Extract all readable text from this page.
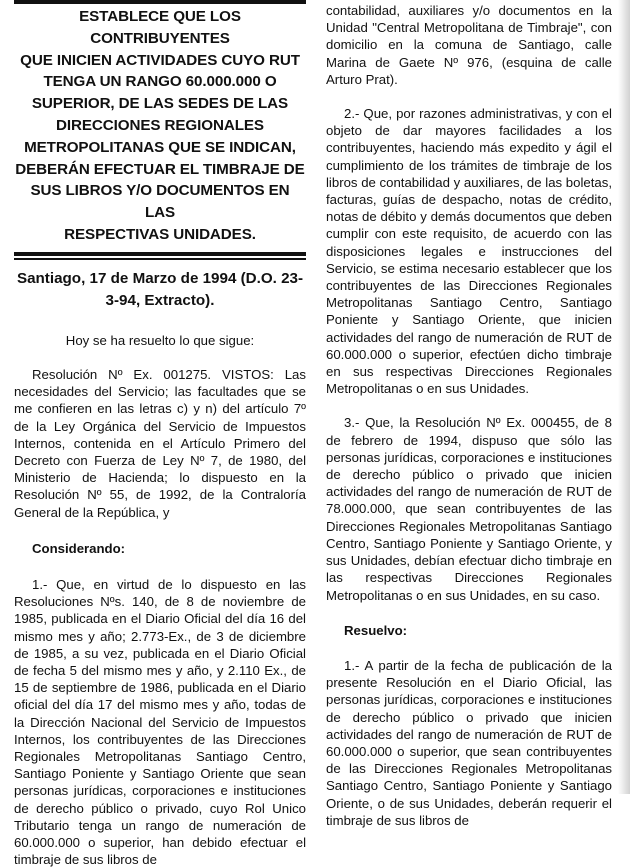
ESTABLECE QUE LOS CONTRIBUYENTES
QUE INICIEN ACTIVIDADES CUYO RUT
TENGA UN RANGO 60.000.000 O
SUPERIOR, DE LAS SEDES DE LAS
DIRECCIONES REGIONALES
METROPOLITANAS QUE SE INDICAN,
DEBERÁN EFECTUAR EL TIMBRAJE DE
SUS LIBROS Y/O DOCUMENTOS EN LAS
RESPECTIVAS UNIDADES.
Santiago, 17 de Marzo de 1994 (D.O. 23-3-94, Extracto).

Hoy se ha resuelto lo que sigue:

Resolución Nº Ex. 001275. VISTOS: Las necesidades del Servicio; las facultades que se me confieren en las letras c) y n) del artículo 7º de la Ley Orgánica del Servicio de Impuestos Internos, contenida en el Artículo Primero del Decreto con Fuerza de Ley Nº 7, de 1980, del Ministerio de Hacienda; lo dispuesto en la Resolución Nº 55, de 1992, de la Contraloría General de la República, y

Considerando:

1.- Que, en virtud de lo dispuesto en las Resoluciones Nºs. 140, de 8 de noviembre de 1985, publicada en el Diario Oficial del día 16 del mismo mes y año; 2.773-Ex., de 3 de diciembre de 1985, a su vez, publicada en el Diario Oficial de fecha 5 del mismo mes y año, y 2.110 Ex., de 15 de septiembre de 1986, publicada en el Diario oficial del día 17 del mismo mes y año, todas de la Dirección Nacional del Servicio de Impuestos Internos, los contribuyentes de las Direcciones Regionales Metropolitanas Santiago Centro, Santiago Poniente y Santiago Oriente que sean personas jurídicas, corporaciones e instituciones de derecho público o privado, cuyo Rol Unico Tributario tenga un rango de numeración de 60.000.000 o superior, han debido efectuar el timbraje de sus libros de

contabilidad, auxiliares y/o documentos en la Unidad "Central Metropolitana de Timbraje", con domicilio en la comuna de Santiago, calle Marina de Gaete Nº 976, (esquina de calle Arturo Prat).

2.- Que, por razones administrativas, y con el objeto de dar mayores facilidades a los contribuyentes, haciendo más expedito y ágil el cumplimiento de los trámites de timbraje de los libros de contabilidad y auxiliares, de las boletas, facturas, guías de despacho, notas de crédito, notas de débito y demás documentos que deben cumplir con este requisito, de acuerdo con las disposiciones legales e instrucciones del Servicio, se estima necesario establecer que los contribuyentes de las Direcciones Regionales Metropolitanas Santiago Centro, Santiago Poniente y Santiago Oriente, que inicien actividades del rango de numeración de RUT de 60.000.000 o superior, efectúen dicho timbraje en sus respectivas Direcciones Regionales Metropolitanas o en sus Unidades.

3.- Que, la Resolución Nº Ex. 000455, de 8 de febrero de 1994, dispuso que sólo las personas jurídicas, corporaciones e instituciones de derecho público o privado que inicien actividades del rango de numeración de RUT de 78.000.000, que sean contribuyentes de las Direcciones Regionales Metropolitanas Santiago Centro, Santiago Poniente y Santiago Oriente, y sus Unidades, debían efectuar dicho timbraje en las respectivas Direcciones Regionales Metropolitanas o en sus Unidades, en su caso.

Resuelvo:

1.- A partir de la fecha de publicación de la presente Resolución en el Diario Oficial, las personas jurídicas, corporaciones e instituciones de derecho público o privado que inicien actividades del rango de numeración de RUT de 60.000.000 o superior, que sean contribuyentes de las Direcciones Regionales Metropolitanas Santiago Centro, Santiago Poniente y Santiago Oriente, o de sus Unidades, deberán requerir el timbraje de sus libros de
